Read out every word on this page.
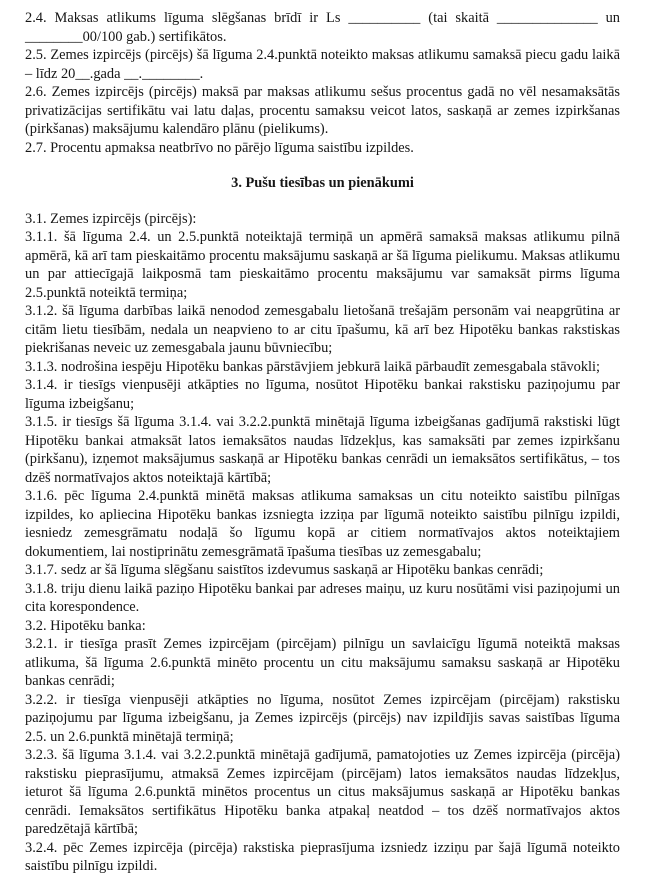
2.4. Maksas atlikums līguma slēgšanas brīdī ir Ls __________ (tai skaitā ______________ un ________00/100 gab.) sertifikātos.

2.5. Zemes izpircējs (pircējs) šā līguma 2.4.punktā noteikto maksas atlikumu samaksā piecu gadu laikā – līdz 20__.gada __.________.

2.6. Zemes izpircējs (pircējs) maksā par maksas atlikumu sešus procentus gadā no vēl nesamaksātās privatizācijas sertifikātu vai latu daļas, procentu samaksu veicot latos, saskaņā ar zemes izpirkšanas (pirkšanas) maksājumu kalendāro plānu (pielikums).

2.7. Procentu apmaksa neatbrīvo no pārējo līguma saistību izpildes.

3. Pušu tiesības un pienākumi

3.1. Zemes izpircējs (pircējs):

3.1.1. šā līguma 2.4. un 2.5.punktā noteiktajā termiņā un apmērā samaksā maksas atlikumu pilnā apmērā, kā arī tam pieskaitāmo procentu maksājumu saskaņā ar šā līguma pielikumu. Maksas atlikumu un par attiecīgajā laikposmā tam pieskaitāmo procentu maksājumu var samaksāt pirms līguma 2.5.punktā noteiktā termiņa;

3.1.2. šā līguma darbības laikā nenodod zemesgabalu lietošanā trešajām personām vai neapgrūtina ar citām lietu tiesībām, nedala un neapvieno to ar citu īpašumu, kā arī bez Hipotēku bankas rakstiskas piekrišanas neveic uz zemesgabala jaunu būvniecību;

3.1.3. nodrošina iespēju Hipotēku bankas pārstāvjiem jebkurā laikā pārbaudīt zemesgabala stāvokli;

3.1.4. ir tiesīgs vienpusēji atkāpties no līguma, nosūtot Hipotēku bankai rakstisku paziņojumu par līguma izbeigšanu;

3.1.5. ir tiesīgs šā līguma 3.1.4. vai 3.2.2.punktā minētajā līguma izbeigšanas gadījumā rakstiski lūgt Hipotēku bankai atmaksāt latos iemaksātos naudas līdzekļus, kas samaksāti par zemes izpirkšanu (pirkšanu), izņemot maksājumus saskaņā ar Hipotēku bankas cenrādi un iemaksātos sertifikātus, – tos dzēš normatīvajos aktos noteiktajā kārtībā;

3.1.6. pēc līguma 2.4.punktā minētā maksas atlikuma samaksas un citu noteikto saistību pilnīgas izpildes, ko apliecina Hipotēku bankas izsniegta izziņa par līgumā noteikto saistību pilnīgu izpildi, iesniedz zemesgrāmatu nodaļā šo līgumu kopā ar citiem normatīvajos aktos noteiktajiem dokumentiem, lai nostiprinātu zemesgrāmatā īpašuma tiesības uz zemesgabalu;

3.1.7. sedz ar šā līguma slēgšanu saistītos izdevumus saskaņā ar Hipotēku bankas cenrādi;

3.1.8. triju dienu laikā paziņo Hipotēku bankai par adreses maiņu, uz kuru nosūtāmi visi paziņojumi un cita korespondence.

3.2. Hipotēku banka:

3.2.1. ir tiesīga prasīt Zemes izpircējam (pircējam) pilnīgu un savlaicīgu līgumā noteiktā maksas atlikuma, šā līguma 2.6.punktā minēto procentu un citu maksājumu samaksu saskaņā ar Hipotēku bankas cenrādi;

3.2.2. ir tiesīga vienpusēji atkāpties no līguma, nosūtot Zemes izpircējam (pircējam) rakstisku paziņojumu par līguma izbeigšanu, ja Zemes izpircējs (pircējs) nav izpildījis savas saistības līguma 2.5. un 2.6.punktā minētajā termiņā;

3.2.3. šā līguma 3.1.4. vai 3.2.2.punktā minētajā gadījumā, pamatojoties uz Zemes izpircēja (pircēja) rakstisku pieprasījumu, atmaksā Zemes izpircējam (pircējam) latos iemaksātos naudas līdzekļus, ieturot šā līguma 2.6.punktā minētos procentus un citus maksājumus saskaņā ar Hipotēku bankas cenrādi. Iemaksātos sertifikātus Hipotēku banka atpakaļ neatdod – tos dzēš normatīvajos aktos paredzētajā kārtībā;

3.2.4. pēc Zemes izpircēja (pircēja) rakstiska pieprasījuma izsniedz izziņu par šajā līgumā noteikto saistību pilnīgu izpildi.
